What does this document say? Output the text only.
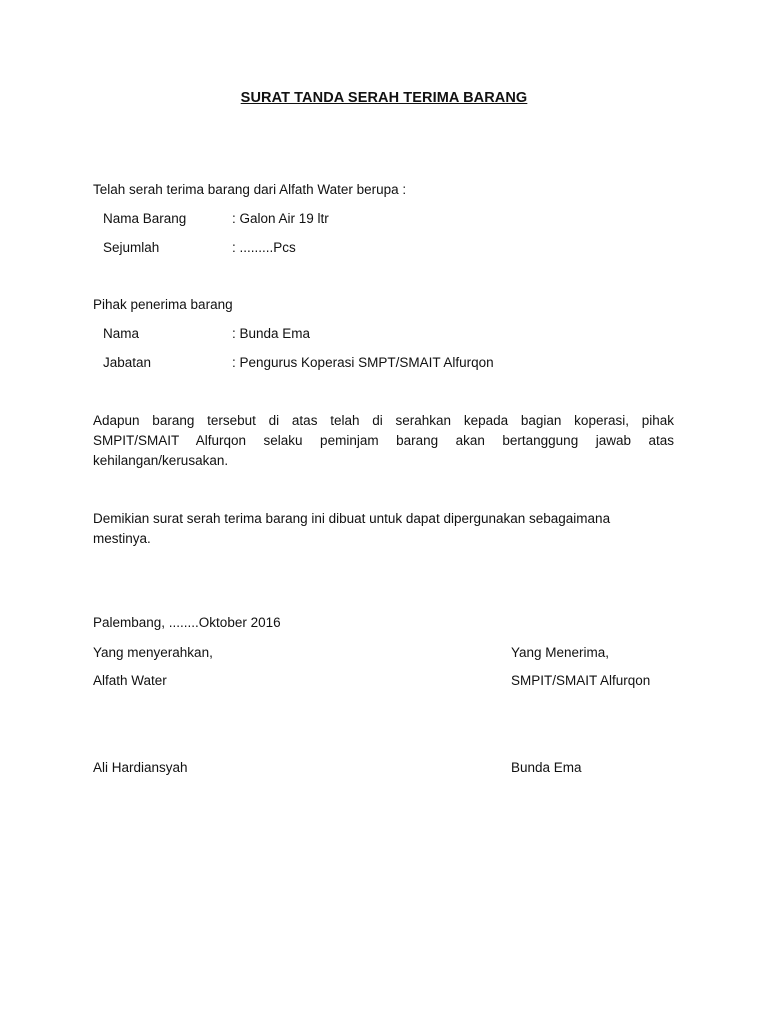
SURAT TANDA SERAH TERIMA BARANG
Telah serah terima barang dari Alfath Water berupa :
Nama Barang	: Galon Air 19 ltr
Sejumlah	: .........Pcs
Pihak penerima barang
Nama	: Bunda Ema
Jabatan	: Pengurus Koperasi SMPT/SMAIT Alfurqon
Adapun barang tersebut di atas telah di serahkan kepada bagian koperasi, pihak
SMPIT/SMAIT Alfurqon selaku peminjam barang akan bertanggung jawab atas
kehilangan/kerusakan.
Demikian surat serah terima barang ini dibuat untuk dapat dipergunakan sebagaimana
mestinya.
Palembang, ........Oktober 2016
Yang menyerahkan,	Yang Menerima,
Alfath Water	SMPIT/SMAIT Alfurqon
Ali Hardiansyah	Bunda Ema
